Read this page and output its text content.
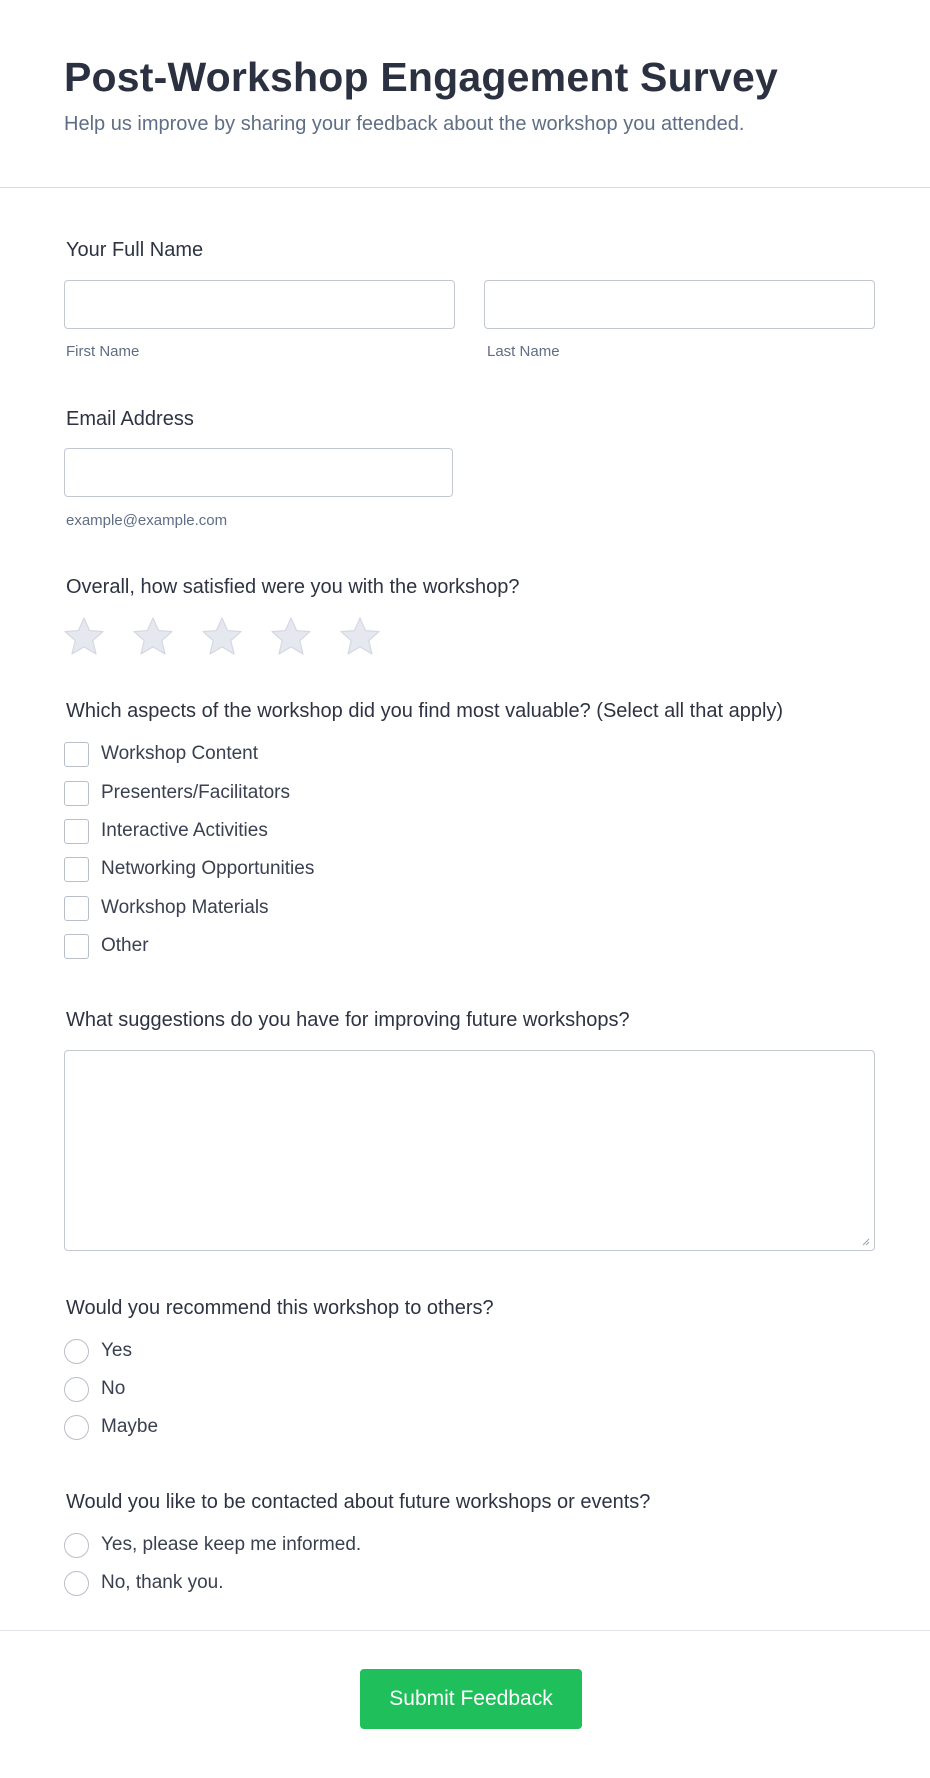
Post-Workshop Engagement Survey

Help us improve by sharing your feedback about the workshop you attended.

Your Full Name
First Name	Last Name
Email Address
example@example.com
Overall, how satisfied were you with the workshop?
Which aspects of the workshop did you find most valuable? (Select all that apply)
Workshop Content
Presenters/Facilitators
Interactive Activities
Networking Opportunities
Workshop Materials
Other
What suggestions do you have for improving future workshops?
Would you recommend this workshop to others?
Yes
No
Maybe
Would you like to be contacted about future workshops or events?
Yes, please keep me informed.
No, thank you.
Submit Feedback
